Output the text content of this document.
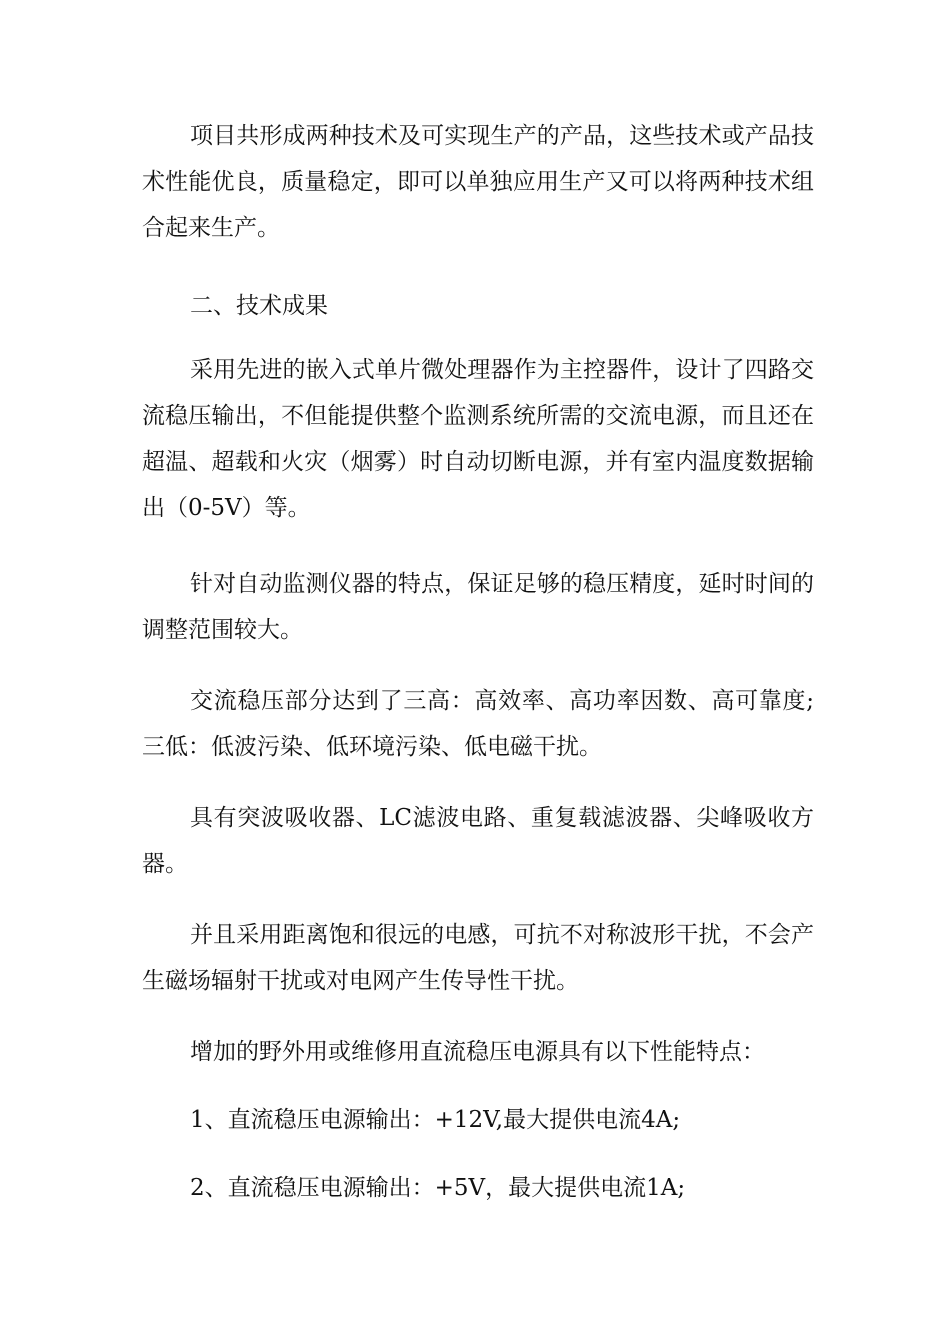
项目共形成两种技术及可实现生产的产品，这些技术或产品技术性能优良，质量稳定，即可以单独应用生产又可以将两种技术组合起来生产。

二、技术成果

采用先进的嵌入式单片微处理器作为主控器件，设计了四路交流稳压输出，不但能提供整个监测系统所需的交流电源，而且还在超温、超载和火灾（烟雾）时自动切断电源，并有室内温度数据输出（0-5V）等。

针对自动监测仪器的特点，保证足够的稳压精度，延时时间的调整范围较大。

交流稳压部分达到了三高：高效率、高功率因数、高可靠度;三低：低波污染、低环境污染、低电磁干扰。

具有突波吸收器、LC滤波电路、重复载滤波器、尖峰吸收方器。

并且采用距离饱和很远的电感，可抗不对称波形干扰，不会产生磁场辐射干扰或对电网产生传导性干扰。

增加的野外用或维修用直流稳压电源具有以下性能特点：

1、直流稳压电源输出：+12V,最大提供电流4A;

2、直流稳压电源输出：+5V，最大提供电流1A;
